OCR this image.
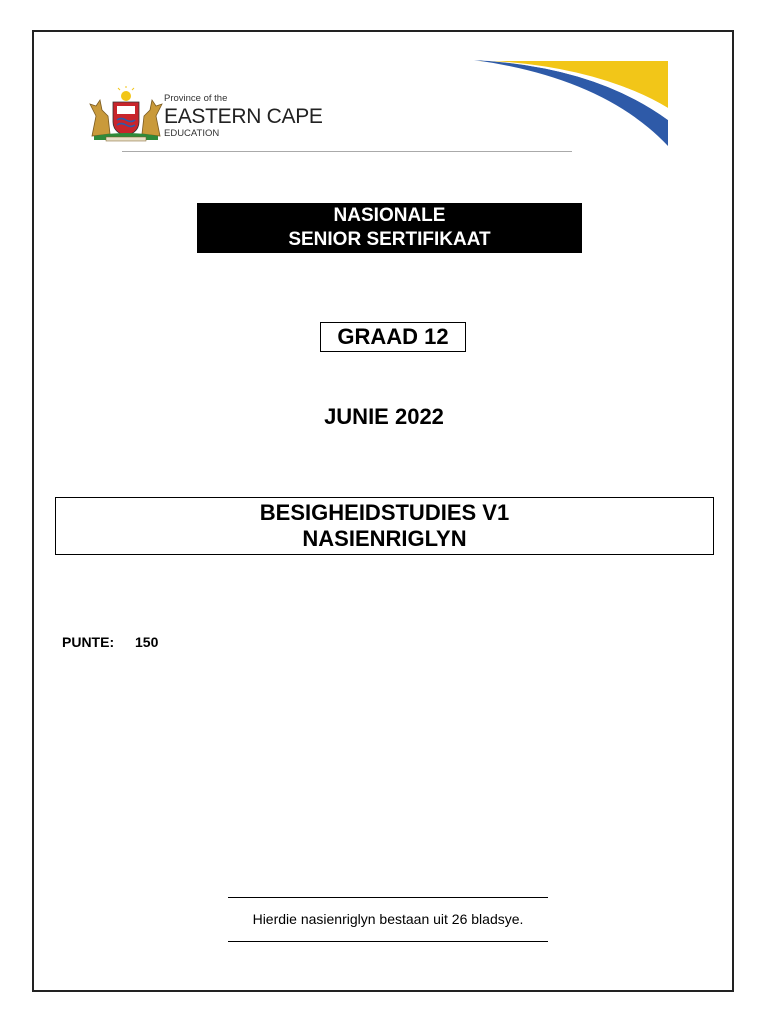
Province of the
EASTERN CAPE
EDUCATION
NASIONALE
SENIOR SERTIFIKAAT
GRAAD 12
JUNIE 2022
BESIGHEIDSTUDIES V1
NASIENRIGLYN
PUNTE: 150
Hierdie nasienriglyn bestaan uit 26 bladsye.
